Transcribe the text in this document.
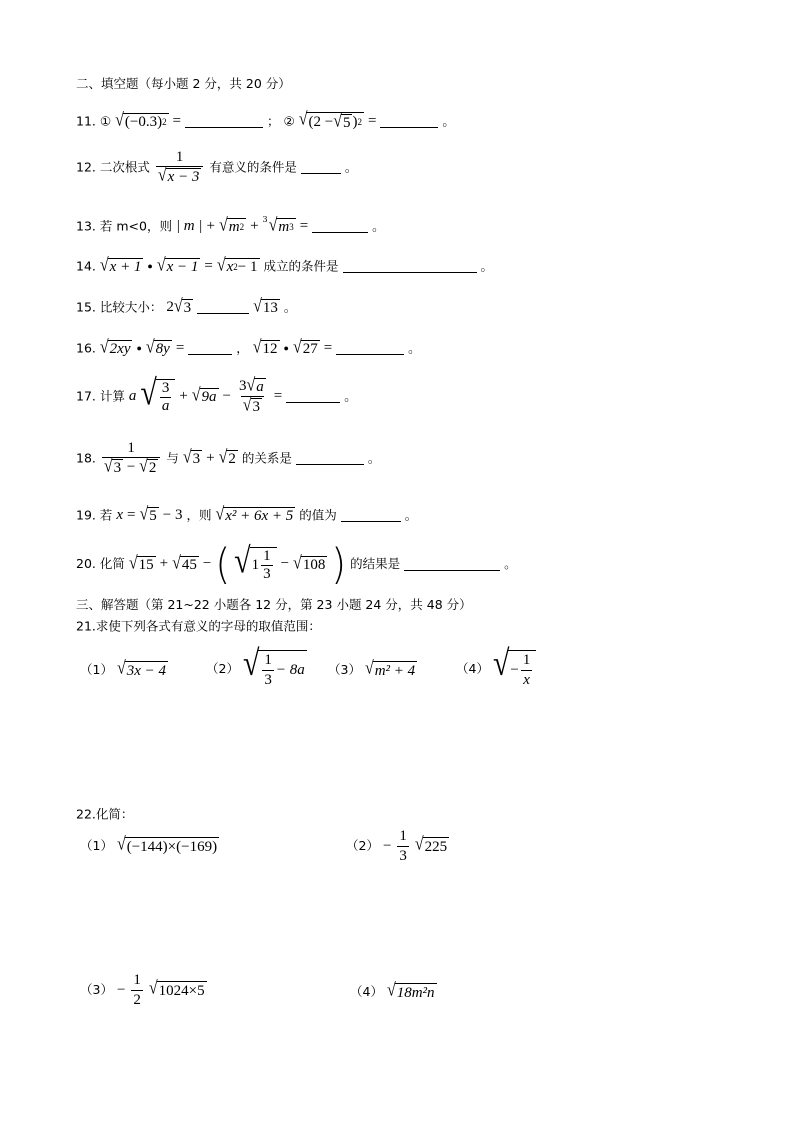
二、填空题（每小题 2 分，共 20 分）
11. ① √ (−0.3) 2 =	； ② √ (2 − √ 5 ) 2 =	。
12. 二次根式 $\frac{1}{√ x - 3}$ 有意义的条件是	。
13. 若 m<0，则 | m | + √ m 2 + $^3$ √ m 3 =	。
14. √ x + 1 ● √ x − 1 = √ x 2 − 1 成立的条件是	。
15. 比较大小： 2 √ 3
	√ 13 。
16. √ 2xy ● √ 8y =	， √ 12 ● √ 27 =	。
17. 计算 a √ $\frac{3}{a}$ + √ $9a - \frac{3 √ a}{√ 3}$ =	。
18. $\frac{1}{√ 3 - √ 2}$ 与 √ 3 + √ 2 的关系是	。
19. 若 x = √ 5 − 3 ，则 √ x² + 6x + 5 的值为	。
20. 化简 √ 15 + √ 45 − ( √ $1 \frac{1}{3}$ − √ 108 ) 的结果是	。
三、解答题（第 21~22 小题各 12 分，第 23 小题 24 分，共 48 分）
21.求使下列各式有意义的字母的取值范围：
（1） √ 3x − 4	（2） √ $\frac{1}{3} - 8a$ （3） √ m² + 4	（4） √ − $\frac{1}{x}$
22.化简：
（1） √ (−144)×(−169)	$(2) - \frac{1}{3}$
√ 225
$(3) - \frac{1}{2}$
√ 1024×5	（4） √ 18m²n
